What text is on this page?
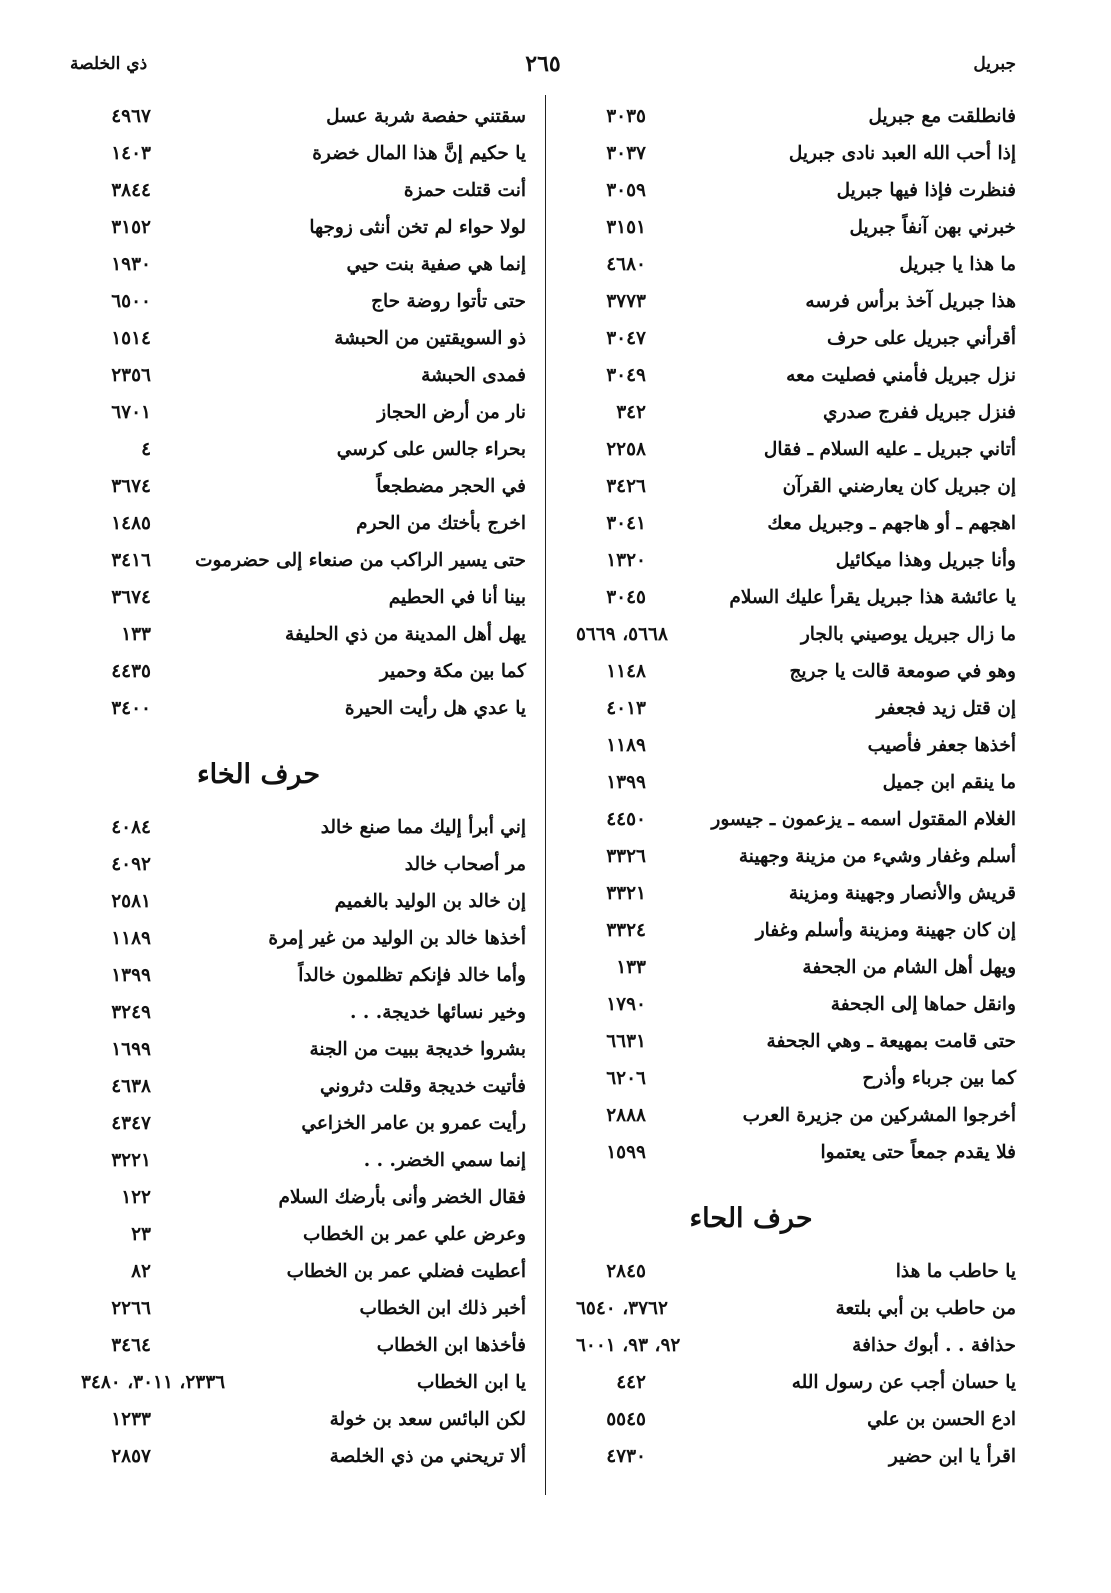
جبريل
٢٦٥
ذي الخلصة
فانطلقت مع جبريل
٣٠٣٥
إذا أحب الله العبد نادى جبريل
٣٠٣٧
فنظرت فإذا فيها جبريل
٣٠٥٩
خبرني بهن آنفاً جبريل
٣١٥١
ما هذا يا جبريل
٤٦٨٠
هذا جبريل آخذ برأس فرسه
٣٧٧٣
أقرأني جبريل على حرف
٣٠٤٧
نزل جبريل فأمني فصليت معه
٣٠٤٩
فنزل جبريل ففرج صدري
٣٤٢
أتاني جبريل ـ عليه السلام ـ فقال
٢٢٥٨
إن جبريل كان يعارضني القرآن
٣٤٢٦
اهجهم ـ أو هاجهم ـ وجبريل معك
٣٠٤١
وأنا جبريل وهذا ميكائيل
١٣٢٠
يا عائشة هذا جبريل يقرأ عليك السلام
٣٠٤٥
ما زال جبريل يوصيني بالجار
٥٦٦٨، ٥٦٦٩
وهو في صومعة قالت يا جريج
١١٤٨
إن قتل زيد فجعفر
٤٠١٣
أخذها جعفر فأصيب
١١٨٩
ما ينقم ابن جميل
١٣٩٩
الغلام المقتول اسمه ـ يزعمون ـ جيسور
٤٤٥٠
أسلم وغفار وشيء من مزينة وجهينة
٣٣٢٦
قريش والأنصار وجهينة ومزينة
٣٣٢١
إن كان جهينة ومزينة وأسلم وغفار
٣٣٢٤
ويهل أهل الشام من الجحفة
١٣٣
وانقل حماها إلى الجحفة
١٧٩٠
حتى قامت بمهيعة ـ وهي الجحفة
٦٦٣١
كما بين جرباء وأذرح
٦٢٠٦
أخرجوا المشركين من جزيرة العرب
٢٨٨٨
فلا يقدم جمعاً حتى يعتموا
١٥٩٩
حرف الحاء
يا حاطب ما هذا
٢٨٤٥
من حاطب بن أبي بلتعة
٣٧٦٢، ٦٥٤٠
حذافة . . أبوك حذافة
٩٢، ٩٣، ٦٠٠١
يا حسان أجب عن رسول الله
٤٤٢
ادع الحسن بن علي
٥٥٤٥
اقرأ يا ابن حضير
٤٧٣٠
سقتني حفصة شربة عسل
٤٩٦٧
يا حكيم إنَّ هذا المال خضرة
١٤٠٣
أنت قتلت حمزة
٣٨٤٤
لولا حواء لم تخن أنثى زوجها
٣١٥٢
إنما هي صفية بنت حيي
١٩٣٠
حتى تأتوا روضة حاج
٦٥٠٠
ذو السويقتين من الحبشة
١٥١٤
فمدى الحبشة
٢٣٥٦
نار من أرض الحجاز
٦٧٠١
بحراء جالس على كرسي
٤
في الحجر مضطجعاً
٣٦٧٤
اخرج بأختك من الحرم
١٤٨٥
حتى يسير الراكب من صنعاء إلى حضرموت
٣٤١٦
بينا أنا في الحطيم
٣٦٧٤
يهل أهل المدينة من ذي الحليفة
١٣٣
كما بين مكة وحمير
٤٤٣٥
يا عدي هل رأيت الحيرة
٣٤٠٠
حرف الخاء
إني أبرأ إليك مما صنع خالد
٤٠٨٤
مر أصحاب خالد
٤٠٩٢
إن خالد بن الوليد بالغميم
٢٥٨١
أخذها خالد بن الوليد من غير إمرة
١١٨٩
وأما خالد فإنكم تظلمون خالداً
١٣٩٩
وخير نسائها خديجة. . .
٣٢٤٩
بشروا خديجة ببيت من الجنة
١٦٩٩
فأتيت خديجة وقلت دثروني
٤٦٣٨
رأيت عمرو بن عامر الخزاعي
٤٣٤٧
إنما سمي الخضر. . .
٣٢٢١
فقال الخضر وأنى بأرضك السلام
١٢٢
وعرض علي عمر بن الخطاب
٢٣
أعطيت فضلي عمر بن الخطاب
٨٢
أخبر ذلك ابن الخطاب
٢٢٦٦
فأخذها ابن الخطاب
٣٤٦٤
يا ابن الخطاب
٢٣٣٦، ٣٠١١، ٣٤٨٠
لكن البائس سعد بن خولة
١٢٣٣
ألا تريحني من ذي الخلصة
٢٨٥٧
